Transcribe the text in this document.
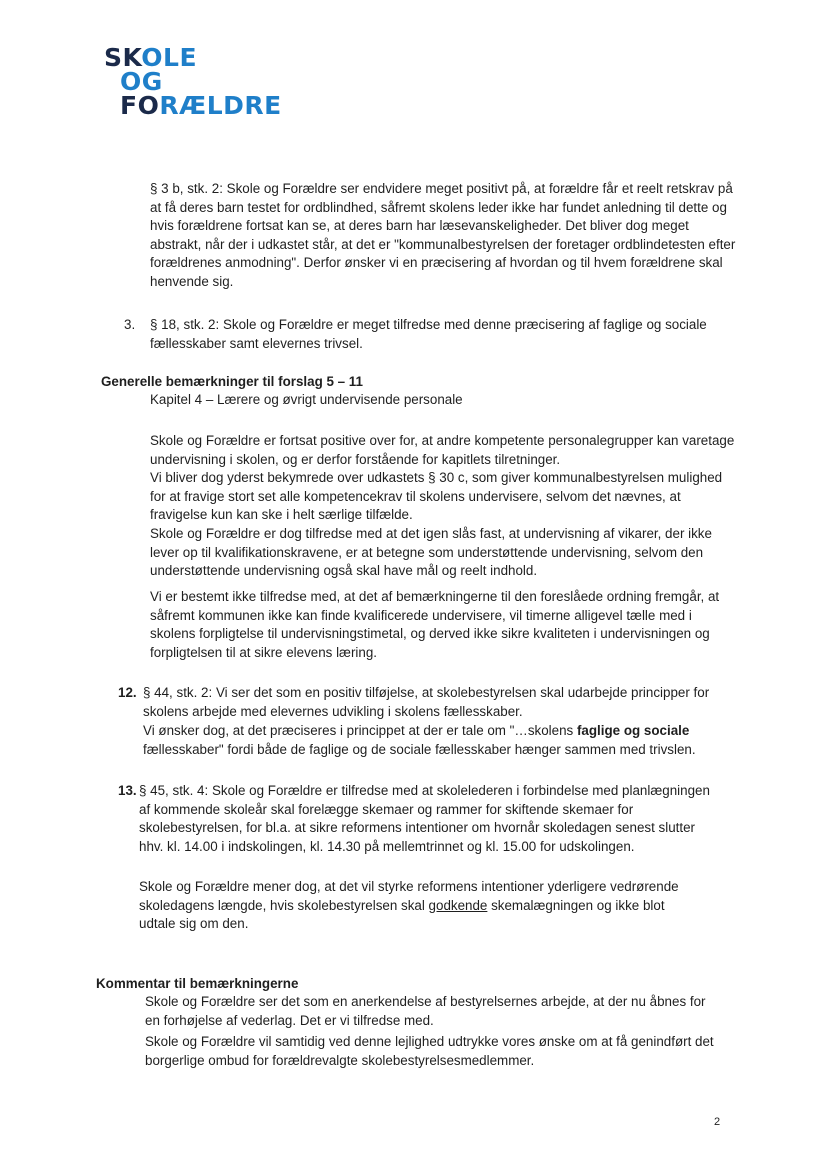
SKOLE
OG
FORÆLDRE

§ 3 b, stk. 2: Skole og Forældre ser endvidere meget positivt på, at forældre får et reelt retskrav på at få deres barn testet for ordblindhed, såfremt skolens leder ikke har fundet anledning til dette og hvis forældrene fortsat kan se, at deres barn har læsevanskeligheder. Det bliver dog meget abstrakt, når der i udkastet står, at det er "kommunalbestyrelsen der foretager ordblindetesten efter forældrenes anmodning". Derfor ønsker vi en præcisering af hvordan og til hvem forældrene skal henvende sig.

3. § 18, stk. 2: Skole og Forældre er meget tilfredse med denne præcisering af faglige og sociale fællesskaber samt elevernes trivsel.

Generelle bemærkninger til forslag 5 – 11

Kapitel 4 – Lærere og øvrigt undervisende personale

Skole og Forældre er fortsat positive over for, at andre kompetente personalegrupper kan varetage undervisning i skolen, og er derfor forstående for kapitlets tilretninger.

Vi bliver dog yderst bekymrede over udkastets § 30 c, som giver kommunalbestyrelsen mulighed for at fravige stort set alle kompetencekrav til skolens undervisere, selvom det nævnes, at fravigelse kun kan ske i helt særlige tilfælde.

Skole og Forældre er dog tilfredse med at det igen slås fast, at undervisning af vikarer, der ikke lever op til kvalifikationskravene, er at betegne som understøttende undervisning, selvom den understøttende undervisning også skal have mål og reelt indhold.

Vi er bestemt ikke tilfredse med, at det af bemærkningerne til den foreslåede ordning fremgår, at såfremt kommunen ikke kan finde kvalificerede undervisere, vil timerne alligevel tælle med i skolens forpligtelse til undervisningstimetal, og derved ikke sikre kvaliteten i undervisningen og forpligtelsen til at sikre elevens læring.

12. § 44, stk. 2: Vi ser det som en positiv tilføjelse, at skolebestyrelsen skal udarbejde principper for skolens arbejde med elevernes udvikling i skolens fællesskaber.

Vi ønsker dog, at det præciseres i princippet at der er tale om "…skolens faglige og sociale fællesskaber" fordi både de faglige og de sociale fællesskaber hænger sammen med trivslen.

13. § 45, stk. 4: Skole og Forældre er tilfredse med at skolelederen i forbindelse med planlægningen af kommende skoleår skal forelægge skemaer og rammer for skiftende skemaer for skolebestyrelsen, for bl.a. at sikre reformens intentioner om hvornår skoledagen senest slutter hhv. kl. 14.00 i indskolingen, kl. 14.30 på mellemtrinnet og kl. 15.00 for udskolingen.

Skole og Forældre mener dog, at det vil styrke reformens intentioner yderligere vedrørende skoledagens længde, hvis skolebestyrelsen skal godkende skemalægningen og ikke blot udtale sig om den.

Kommentar til bemærkningerne

Skole og Forældre ser det som en anerkendelse af bestyrelsernes arbejde, at der nu åbnes for en forhøjelse af vederlag. Det er vi tilfredse med.

Skole og Forældre vil samtidig ved denne lejlighed udtrykke vores ønske om at få genindført det borgerlige ombud for forældrevalgte skolebestyrelsesmedlemmer.

2
